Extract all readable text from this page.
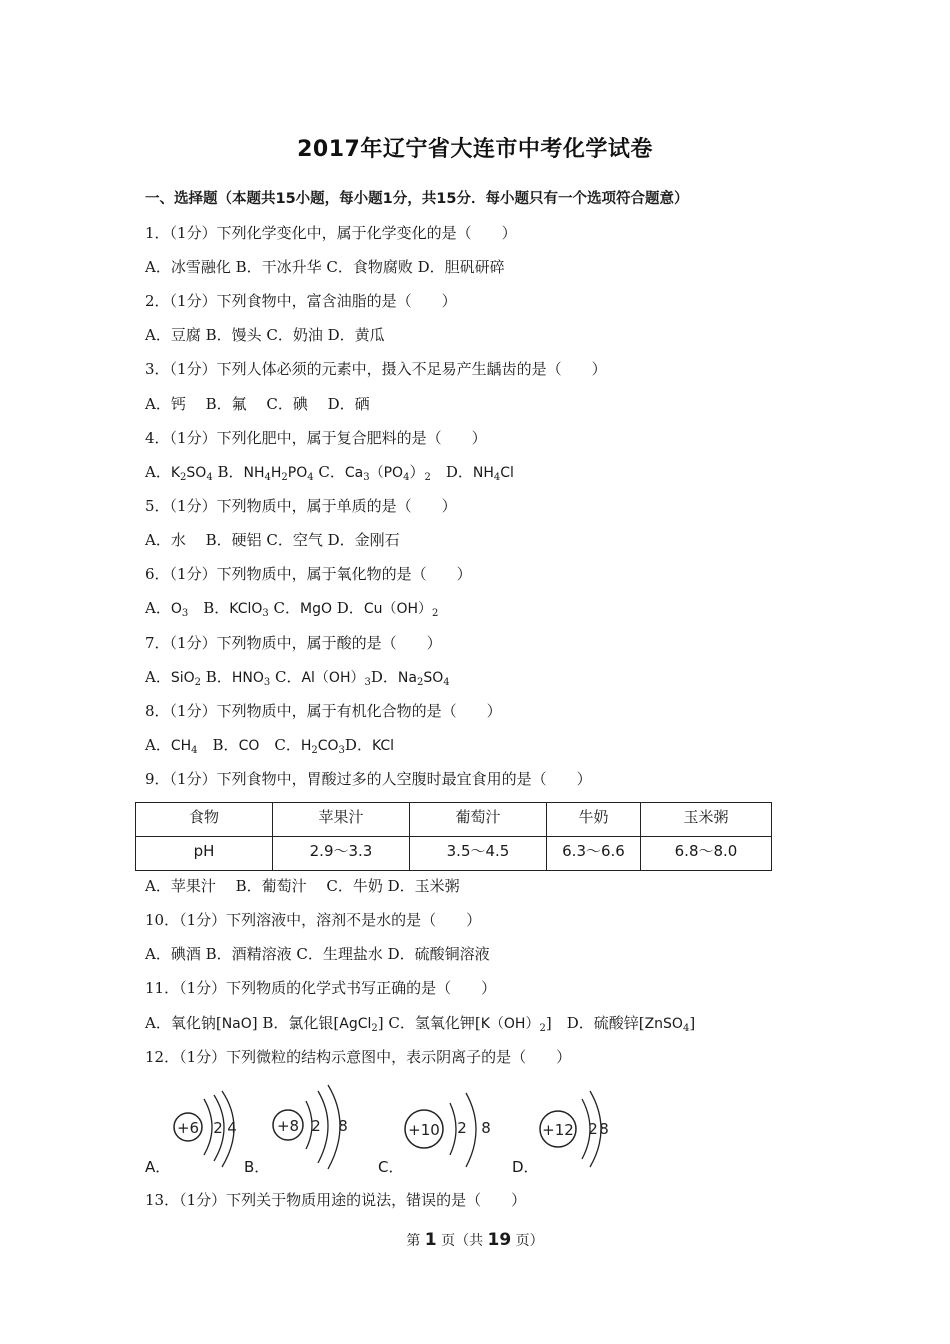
2017年辽宁省大连市中考化学试卷
一、选择题（本题共15小题，每小题1分，共15分．每小题只有一个选项符合题意）
1．（1分）下列化学变化中，属于化学变化的是（　　）
A．冰雪融化 B．干冰升华 C．食物腐败 D．胆矾研碎
2．（1分）下列食物中，富含油脂的是（　　）
A．豆腐 B．馒头 C．奶油 D．黄瓜
3．（1分）下列人体必须的元素中，摄入不足易产生龋齿的是（　　）
A．钙　 B．氟　 C．碘　 D．硒
4．（1分）下列化肥中，属于复合肥料的是（　　）
A．$K_2SO_4$ B．$NH_4H_2PO_4$ C．$Ca_3(PO_4)_2$　D．$NH_4Cl$
5．（1分）下列物质中，属于单质的是（　　）
A．水　 B．硬铝 C．空气 D．金刚石
6．（1分）下列物质中，属于氧化物的是（　　）
A．$O_3$　B．KClO$_3$ C．MgO D．$Cu(OH)_2$
7．（1分）下列物质中，属于酸的是（　　）
A．SiO$_2$ B．$HNO_3$ C．$Al(OH)_3D$．$Na_2SO_4$
8．（1分）下列物质中，属于有机化合物的是（　　）
A．$CH_4$　B．CO　C．$H_2CO_3D$．KCl
9．（1分）下列食物中，胃酸过多的人空腹时最宜食用的是（　　）
食物	苹果汁	葡萄汁	牛奶	玉米粥
pH	2.9～3.3	3.5～4.5	6.3～6.6	6.8～8.0
A．苹果汁　 B．葡萄汁　 C．牛奶 D．玉米粥
10．（1分）下列溶液中，溶剂不是水的是（　　）
A．碘酒 B．酒精溶液 C．生理盐水 D．硫酸铜溶液
11．（1分）下列物质的化学式书写正确的是（　　）
A．氧化钠[NaO] B．氯化银[AgCl$_2$] C．氢氧化钾$[K(OH)_2]$　D．硫酸锌[ZnSO$_4$]
12．（1分）下列微粒的结构示意图中，表示阴离子的是（　　）
+6 2 4	+8 2 8	+10 2 8	+12 2 8
A．	B．	C．	D．
13．（1分）下列关于物质用途的说法，错误的是（　　）
第 1 页（共 19 页）
